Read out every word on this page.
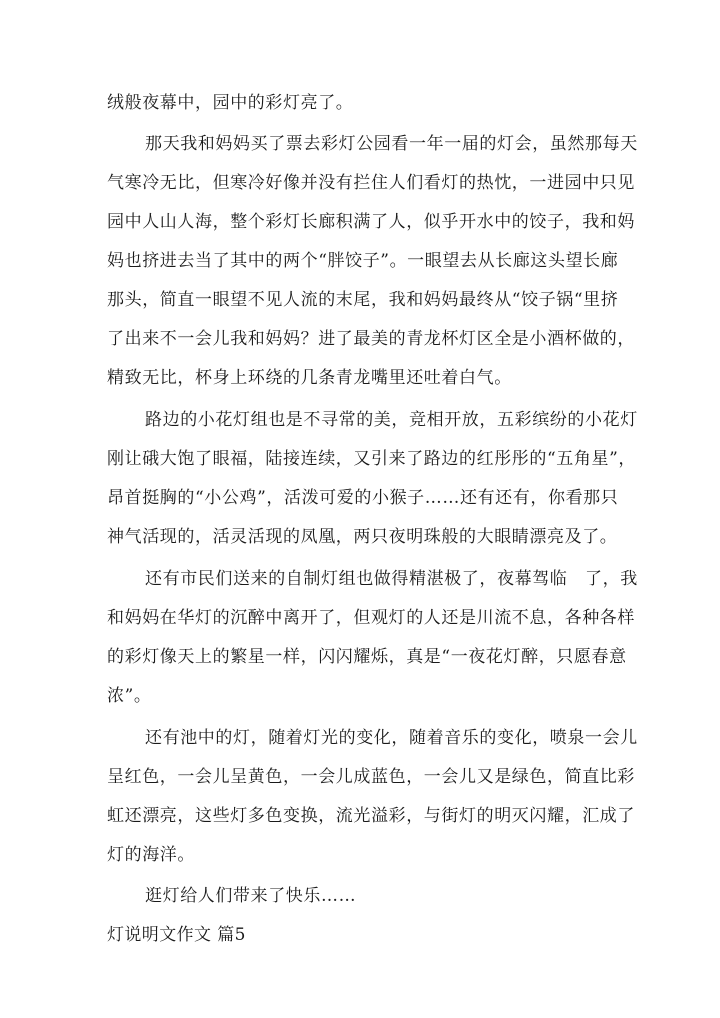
绒般夜幕中，园中的彩灯亮了。
那天我和妈妈买了票去彩灯公园看一年一届的灯会，虽然那每天
气寒冷无比，但寒冷好像并没有拦住人们看灯的热忱，一进园中只见
园中人山人海，整个彩灯长廊积满了人，似乎开水中的饺子，我和妈
妈也挤进去当了其中的两个“胖饺子”。一眼望去从长廊这头望长廊
那头，简直一眼望不见人流的末尾，我和妈妈最终从“饺子锅“里挤
了出来不一会儿我和妈妈？进了最美的青龙杯灯区全是小酒杯做的，
精致无比，杯身上环绕的几条青龙嘴里还吐着白气。
路边的小花灯组也是不寻常的美，竞相开放，五彩缤纷的小花灯
刚让硪大饱了眼福，陆接连续，又引来了路边的红彤彤的“五角星”，
昂首挺胸的“小公鸡”，活泼可爱的小猴子……还有还有，你看那只
神气活现的，活灵活现的凤凰，两只夜明珠般的大眼睛漂亮及了。
还有市民们送来的自制灯组也做得精湛极了，夜幕驾临　了，我
和妈妈在华灯的沉醉中离开了，但观灯的人还是川流不息，各种各样
的彩灯像天上的繁星一样，闪闪耀烁，真是“一夜花灯醉，只愿春意
浓”。
还有池中的灯，随着灯光的变化，随着音乐的变化，喷泉一会儿
呈红色，一会儿呈黄色，一会儿成蓝色，一会儿又是绿色，简直比彩
虹还漂亮，这些灯多色变换，流光溢彩，与街灯的明灭闪耀，汇成了
灯的海洋。
逛灯给人们带来了快乐……
灯说明文作文 篇5
